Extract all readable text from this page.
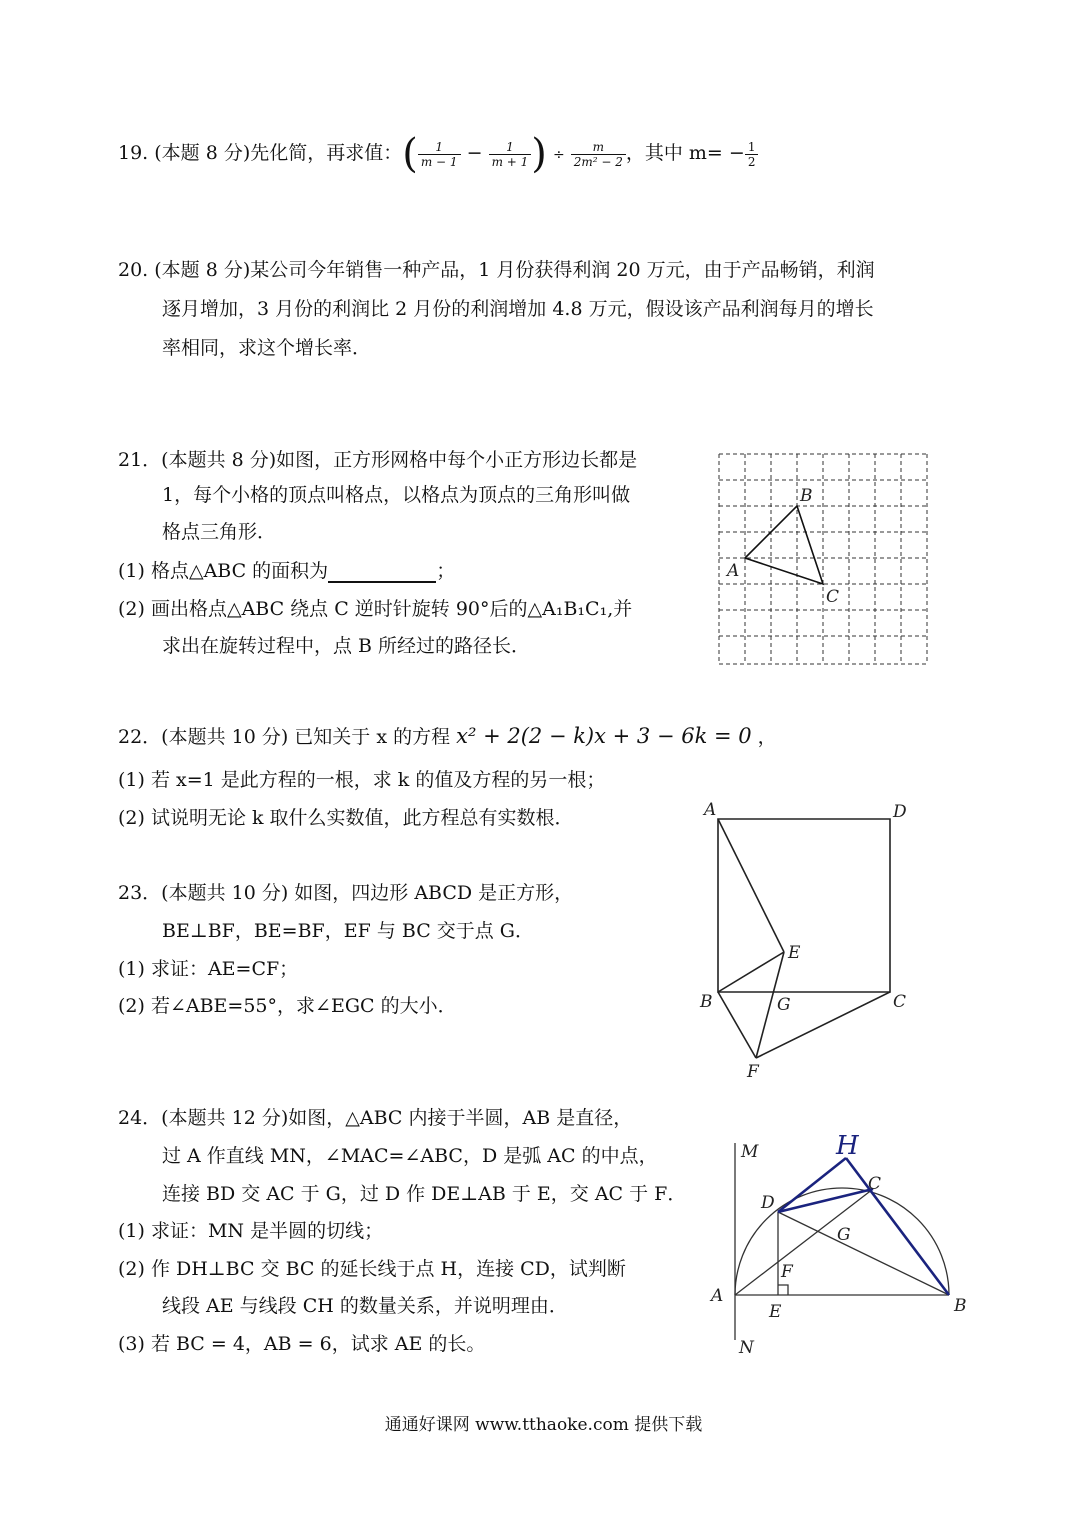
19. (本题 8 分)先化简，再求值：( $\frac{1}{m - 1} - \frac{1}{m + 1}$ ) ÷ $\frac{m}{\text{2m² − 2}}$ ，其中 $m= - \frac{1}{2}$
20. (本题 8 分)某公司今年销售一种产品，1 月份获得利润 20 万元，由于产品畅销，利润
逐月增加，3 月份的利润比 2 月份的利润增加 4.8 万元，假设该产品利润每月的增长
率相同，求这个增长率．
21．(本题共 8 分)如图，正方形网格中每个小正方形边长都是
1，每个小格的顶点叫格点，以格点为顶点的三角形叫做
格点三角形．
(1) 格点△ABC 的面积为	；
(2) 画出格点△ABC 绕点 C 逆时针旋转 90°后的△A₁B₁C₁,并
求出在旋转过程中，点 B 所经过的路径长．
A
B
C
22．(本题共 10 分) 已知关于 x 的方程 x² + 2(2 − k)x + 3 − 6k = 0 ，
(1) 若 x=1 是此方程的一根，求 k 的值及方程的另一根；
(2) 试说明无论 k 取什么实数值，此方程总有实数根．
23．(本题共 10 分) 如图，四边形 ABCD 是正方形，
BE⊥BF，BE=BF，EF 与 BC 交于点 G．
(1) 求证：AE=CF；
(2) 若∠ABE=55°，求∠EGC 的大小．
A	D
E
B	G	C
F
24．(本题共 12 分)如图，△ABC 内接于半圆，AB 是直径，
过 A 作直线 MN，∠MAC=∠ABC，D 是弧 AC 的中点，
连接 BD 交 AC 于 G，过 D 作 DE⊥AB 于 E，交 AC 于 F．
(1) 求证：MN 是半圆的切线；
(2) 作 DH⊥BC 交 BC 的延长线于点 H，连接 CD，试判断
线段 AE 与线段 CH 的数量关系，并说明理由．
(3) 若 BC = 4，AB = 6，试求 AE 的长。
M	H
C
D
G
F
A
E	B
N
通通好课网 www.tthaoke.com 提供下载
